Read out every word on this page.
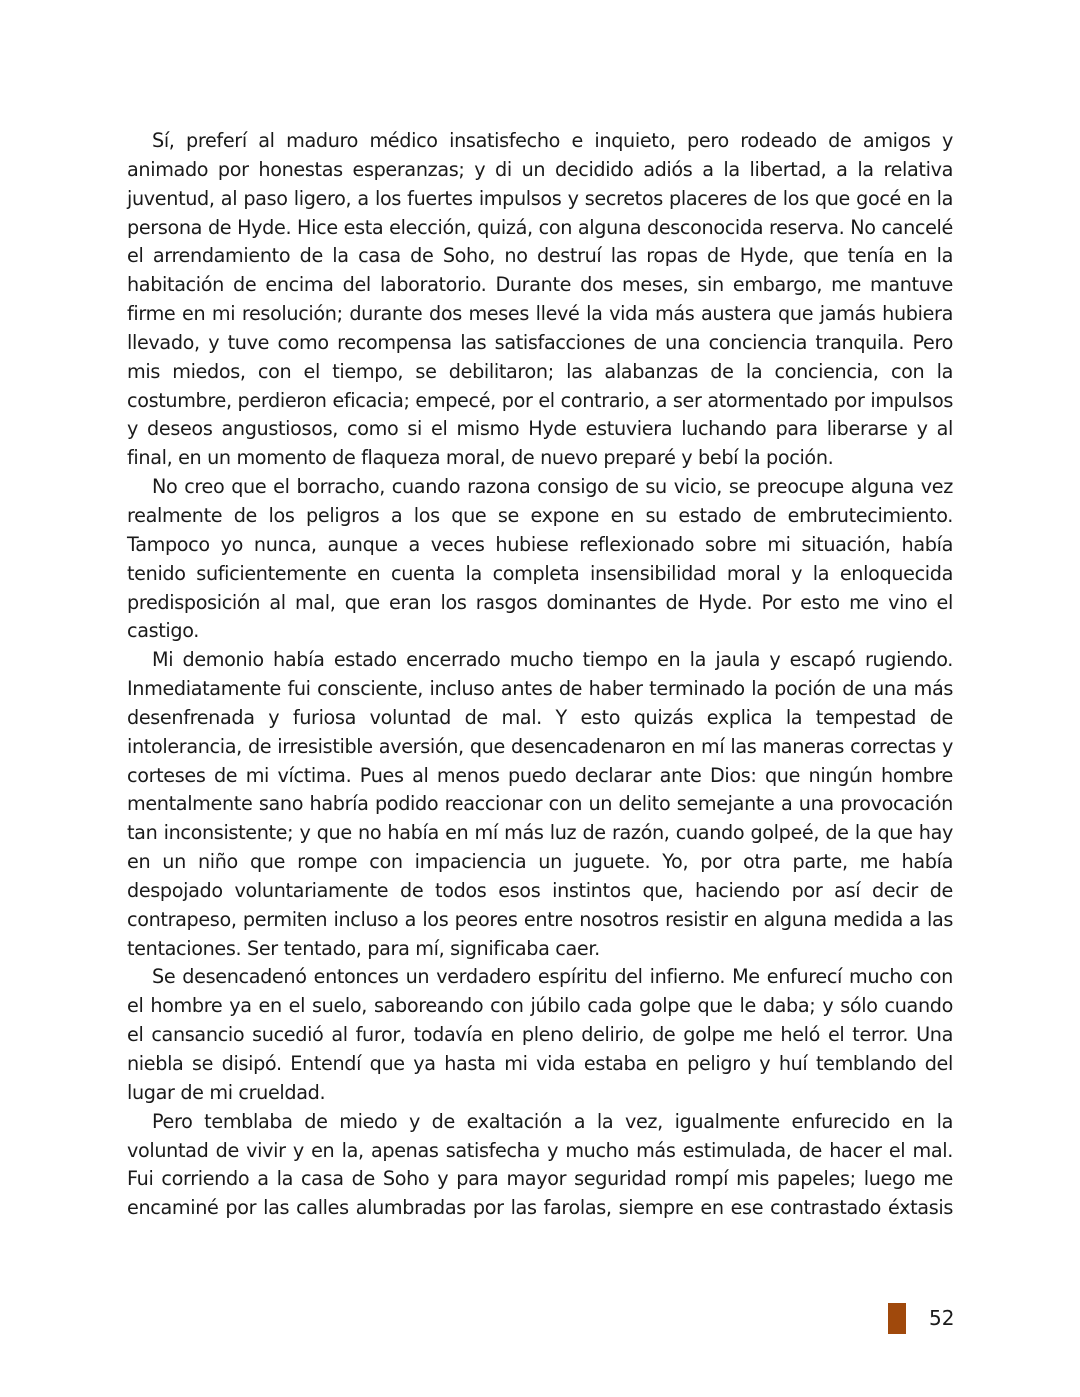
Sí, preferí al maduro médico insatisfecho e inquieto, pero rodeado de amigos y animado por honestas esperanzas; y di un decidido adiós a la libertad, a la relativa juventud, al paso ligero, a los fuertes impulsos y secretos placeres de los que gocé en la persona de Hyde. Hice esta elección, quizá, con alguna desconocida reserva. No cancelé el arrendamiento de la casa de Soho, no destruí las ropas de Hyde, que tenía en la habitación de encima del laboratorio. Durante dos meses, sin embargo, me mantuve firme en mi resolución; durante dos meses llevé la vida más austera que jamás hubiera llevado, y tuve como recompensa las satisfacciones de una conciencia tranquila. Pero mis miedos, con el tiempo, se debilitaron; las alabanzas de la conciencia, con la costumbre, perdieron eficacia; empecé, por el contrario, a ser atormentado por impulsos y deseos angustiosos, como si el mismo Hyde estuviera luchando para liberarse y al final, en un momento de flaqueza moral, de nuevo preparé y bebí la poción.

No creo que el borracho, cuando razona consigo de su vicio, se preocupe alguna vez realmente de los peligros a los que se expone en su estado de embrutecimiento. Tampoco yo nunca, aunque a veces hubiese reflexionado sobre mi situación, había tenido suficientemente en cuenta la completa insensibilidad moral y la enloquecida predisposición al mal, que eran los rasgos dominantes de Hyde. Por esto me vino el castigo.

Mi demonio había estado encerrado mucho tiempo en la jaula y escapó rugiendo. Inmediatamente fui consciente, incluso antes de haber terminado la poción de una más desenfrenada y furiosa voluntad de mal. Y esto quizás explica la tempestad de intolerancia, de irresistible aversión, que desencadenaron en mí las maneras correctas y corteses de mi víctima. Pues al menos puedo declarar ante Dios: que ningún hombre mentalmente sano habría podido reaccionar con un delito semejante a una provocación tan inconsistente; y que no había en mí más luz de razón, cuando golpeé, de la que hay en un niño que rompe con impaciencia un juguete. Yo, por otra parte, me había despojado voluntariamente de todos esos instintos que, haciendo por así decir de contrapeso, permiten incluso a los peores entre nosotros resistir en alguna medida a las tentaciones. Ser tentado, para mí, significaba caer.

Se desencadenó entonces un verdadero espíritu del infierno. Me enfurecí mucho con el hombre ya en el suelo, saboreando con júbilo cada golpe que le daba; y sólo cuando el cansancio sucedió al furor, todavía en pleno delirio, de golpe me heló el terror. Una niebla se disipó. Entendí que ya hasta mi vida estaba en peligro y huí temblando del lugar de mi crueldad.

Pero temblaba de miedo y de exaltación a la vez, igualmente enfurecido en la voluntad de vivir y en la, apenas satisfecha y mucho más estimulada, de hacer el mal. Fui corriendo a la casa de Soho y para mayor seguridad rompí mis papeles; luego me encaminé por las calles alumbradas por las farolas, siempre en ese contrastado éxtasis

52
